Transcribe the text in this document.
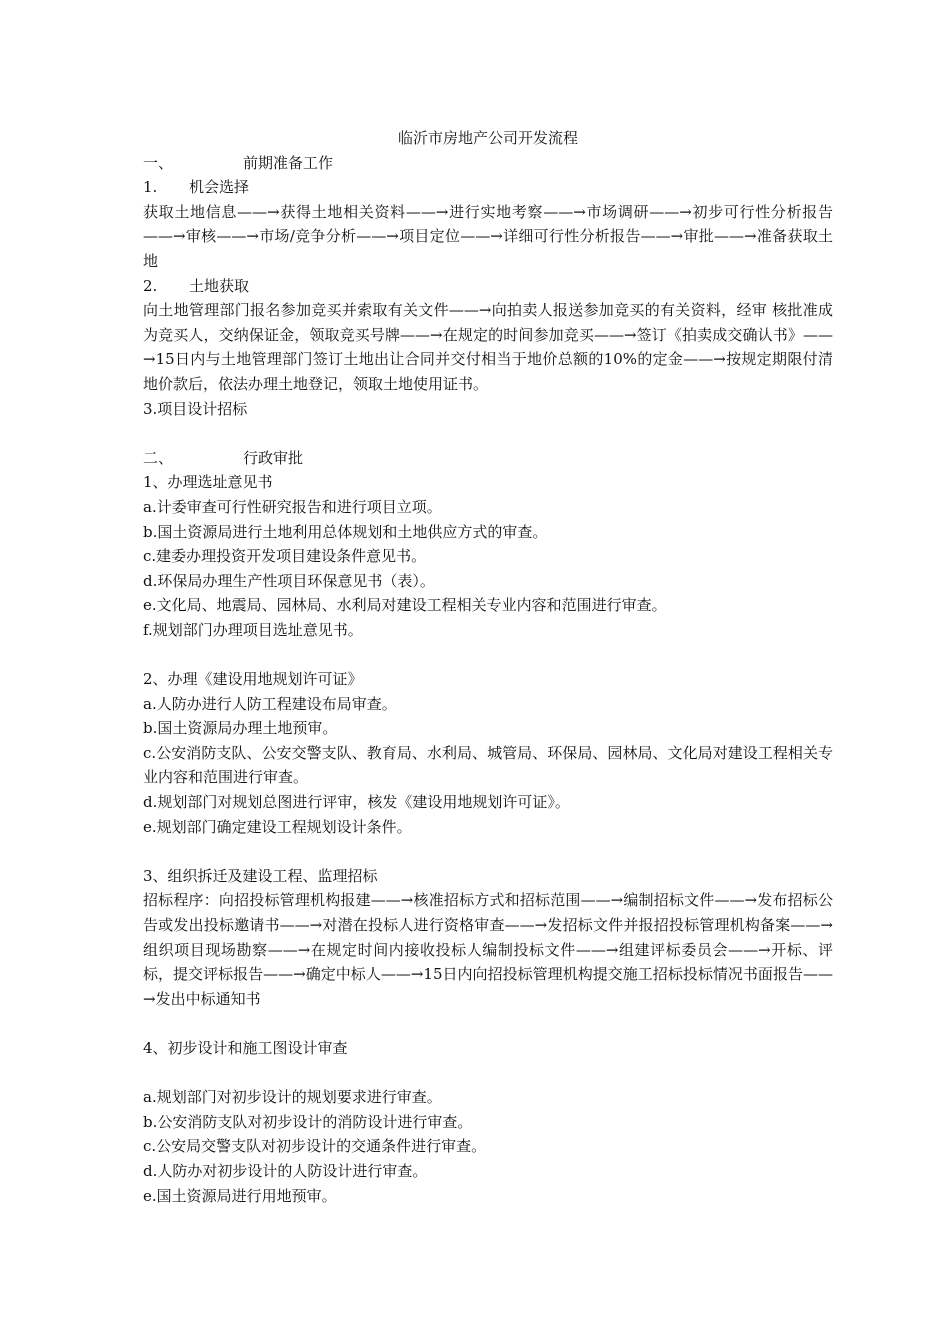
临沂市房地产公司开发流程

一、	前期准备工作

1. 机会选择

获取土地信息——→获得土地相关资料——→进行实地考察——→市场调研——→初步可行性分析报告——→审核——→市场/竞争分析——→项目定位——→详细可行性分析报告——→审批——→准备获取土地

2. 土地获取

向土地管理部门报名参加竞买并索取有关文件——→向拍卖人报送参加竞买的有关资料，经审 核批准成为竞买人，交纳保证金，领取竞买号牌——→在规定的时间参加竞买——→签订《拍卖成交确认书》——→15日内与土地管理部门签订土地出让合同并交付相当于地价总额的10%的定金——→按规定期限付清地价款后，依法办理土地登记，领取土地使用证书。

3.项目设计招标

二、	行政审批

1、办理选址意见书

a.计委审查可行性研究报告和进行项目立项。

b.国土资源局进行土地利用总体规划和土地供应方式的审查。

c.建委办理投资开发项目建设条件意见书。

d.环保局办理生产性项目环保意见书（表）。

e.文化局、地震局、园林局、水利局对建设工程相关专业内容和范围进行审查。

f.规划部门办理项目选址意见书。

2、办理《建设用地规划许可证》

a.人防办进行人防工程建设布局审查。

b.国土资源局办理土地预审。

c.公安消防支队、公安交警支队、教育局、水利局、城管局、环保局、园林局、文化局对建设工程相关专业内容和范围进行审查。

d.规划部门对规划总图进行评审，核发《建设用地规划许可证》。

e.规划部门确定建设工程规划设计条件。

3、组织拆迁及建设工程、监理招标

招标程序：向招投标管理机构报建——→核准招标方式和招标范围——→编制招标文件——→发布招标公告或发出投标邀请书——→对潜在投标人进行资格审查——→发招标文件并报招投标管理机构备案——→组织项目现场勘察——→在规定时间内接收投标人编制投标文件——→组建评标委员会——→开标、评标，提交评标报告——→确定中标人——→15日内向招投标管理机构提交施工招标投标情况书面报告——→发出中标通知书

4、初步设计和施工图设计审查

a.规划部门对初步设计的规划要求进行审查。

b.公安消防支队对初步设计的消防设计进行审查。

c.公安局交警支队对初步设计的交通条件进行审查。

d.人防办对初步设计的人防设计进行审查。

e.国土资源局进行用地预审。
